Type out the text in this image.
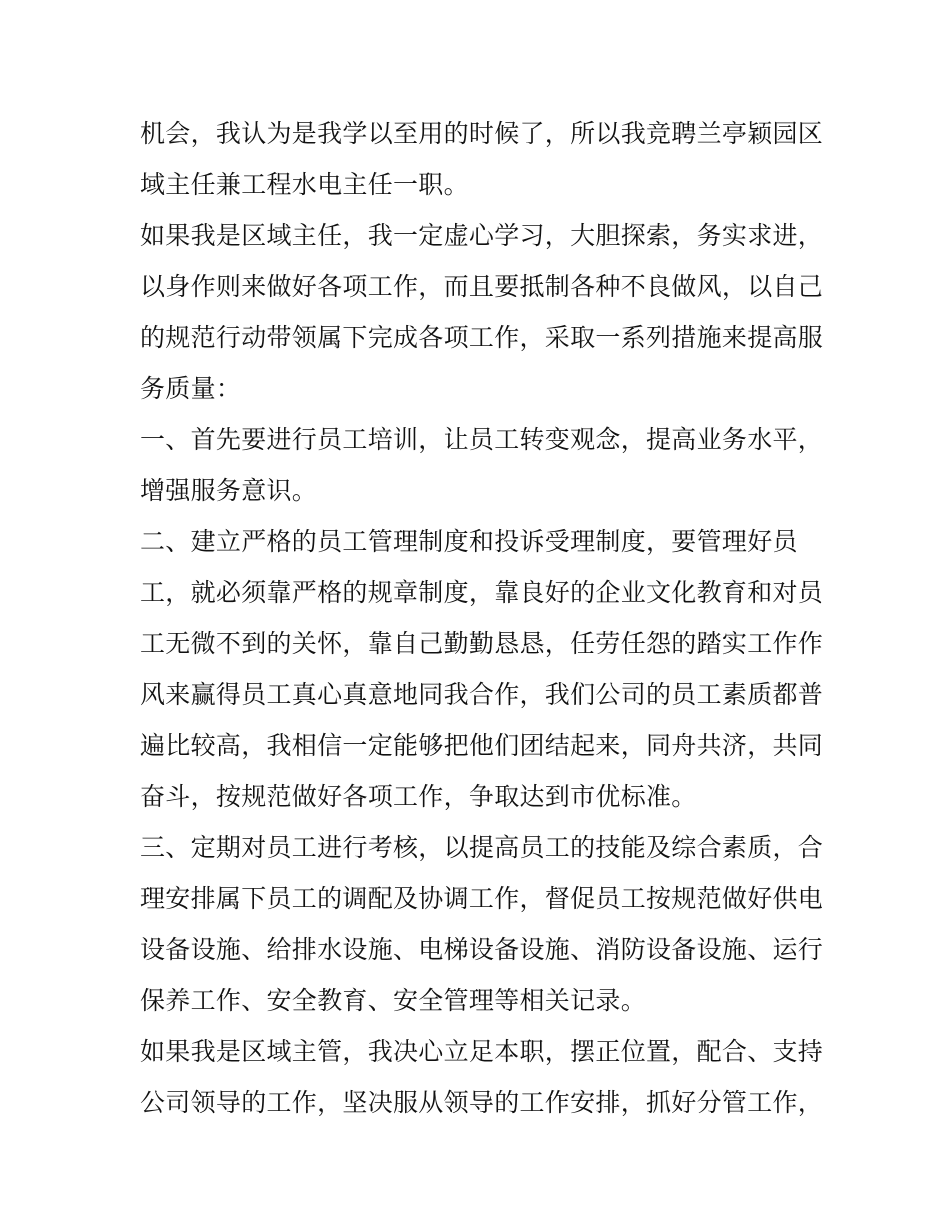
机会，我认为是我学以至用的时候了，所以我竞聘兰亭颖园区
域主任兼工程水电主任一职。
如果我是区域主任，我一定虚心学习，大胆探索，务实求进，
以身作则来做好各项工作，而且要抵制各种不良做风，以自己
的规范行动带领属下完成各项工作，采取一系列措施来提高服
务质量：
一、首先要进行员工培训，让员工转变观念，提高业务水平，
增强服务意识。
二、建立严格的员工管理制度和投诉受理制度，要管理好员
工，就必须靠严格的规章制度，靠良好的企业文化教育和对员
工无微不到的关怀，靠自己勤勤恳恳，任劳任怨的踏实工作作
风来赢得员工真心真意地同我合作，我们公司的员工素质都普
遍比较高，我相信一定能够把他们团结起来，同舟共济，共同
奋斗，按规范做好各项工作，争取达到市优标准。
三、定期对员工进行考核，以提高员工的技能及综合素质，合
理安排属下员工的调配及协调工作，督促员工按规范做好供电
设备设施、给排水设施、电梯设备设施、消防设备设施、运行
保养工作、安全教育、安全管理等相关记录。
如果我是区域主管，我决心立足本职，摆正位置，配合、支持
公司领导的工作，坚决服从领导的工作安排，抓好分管工作，
